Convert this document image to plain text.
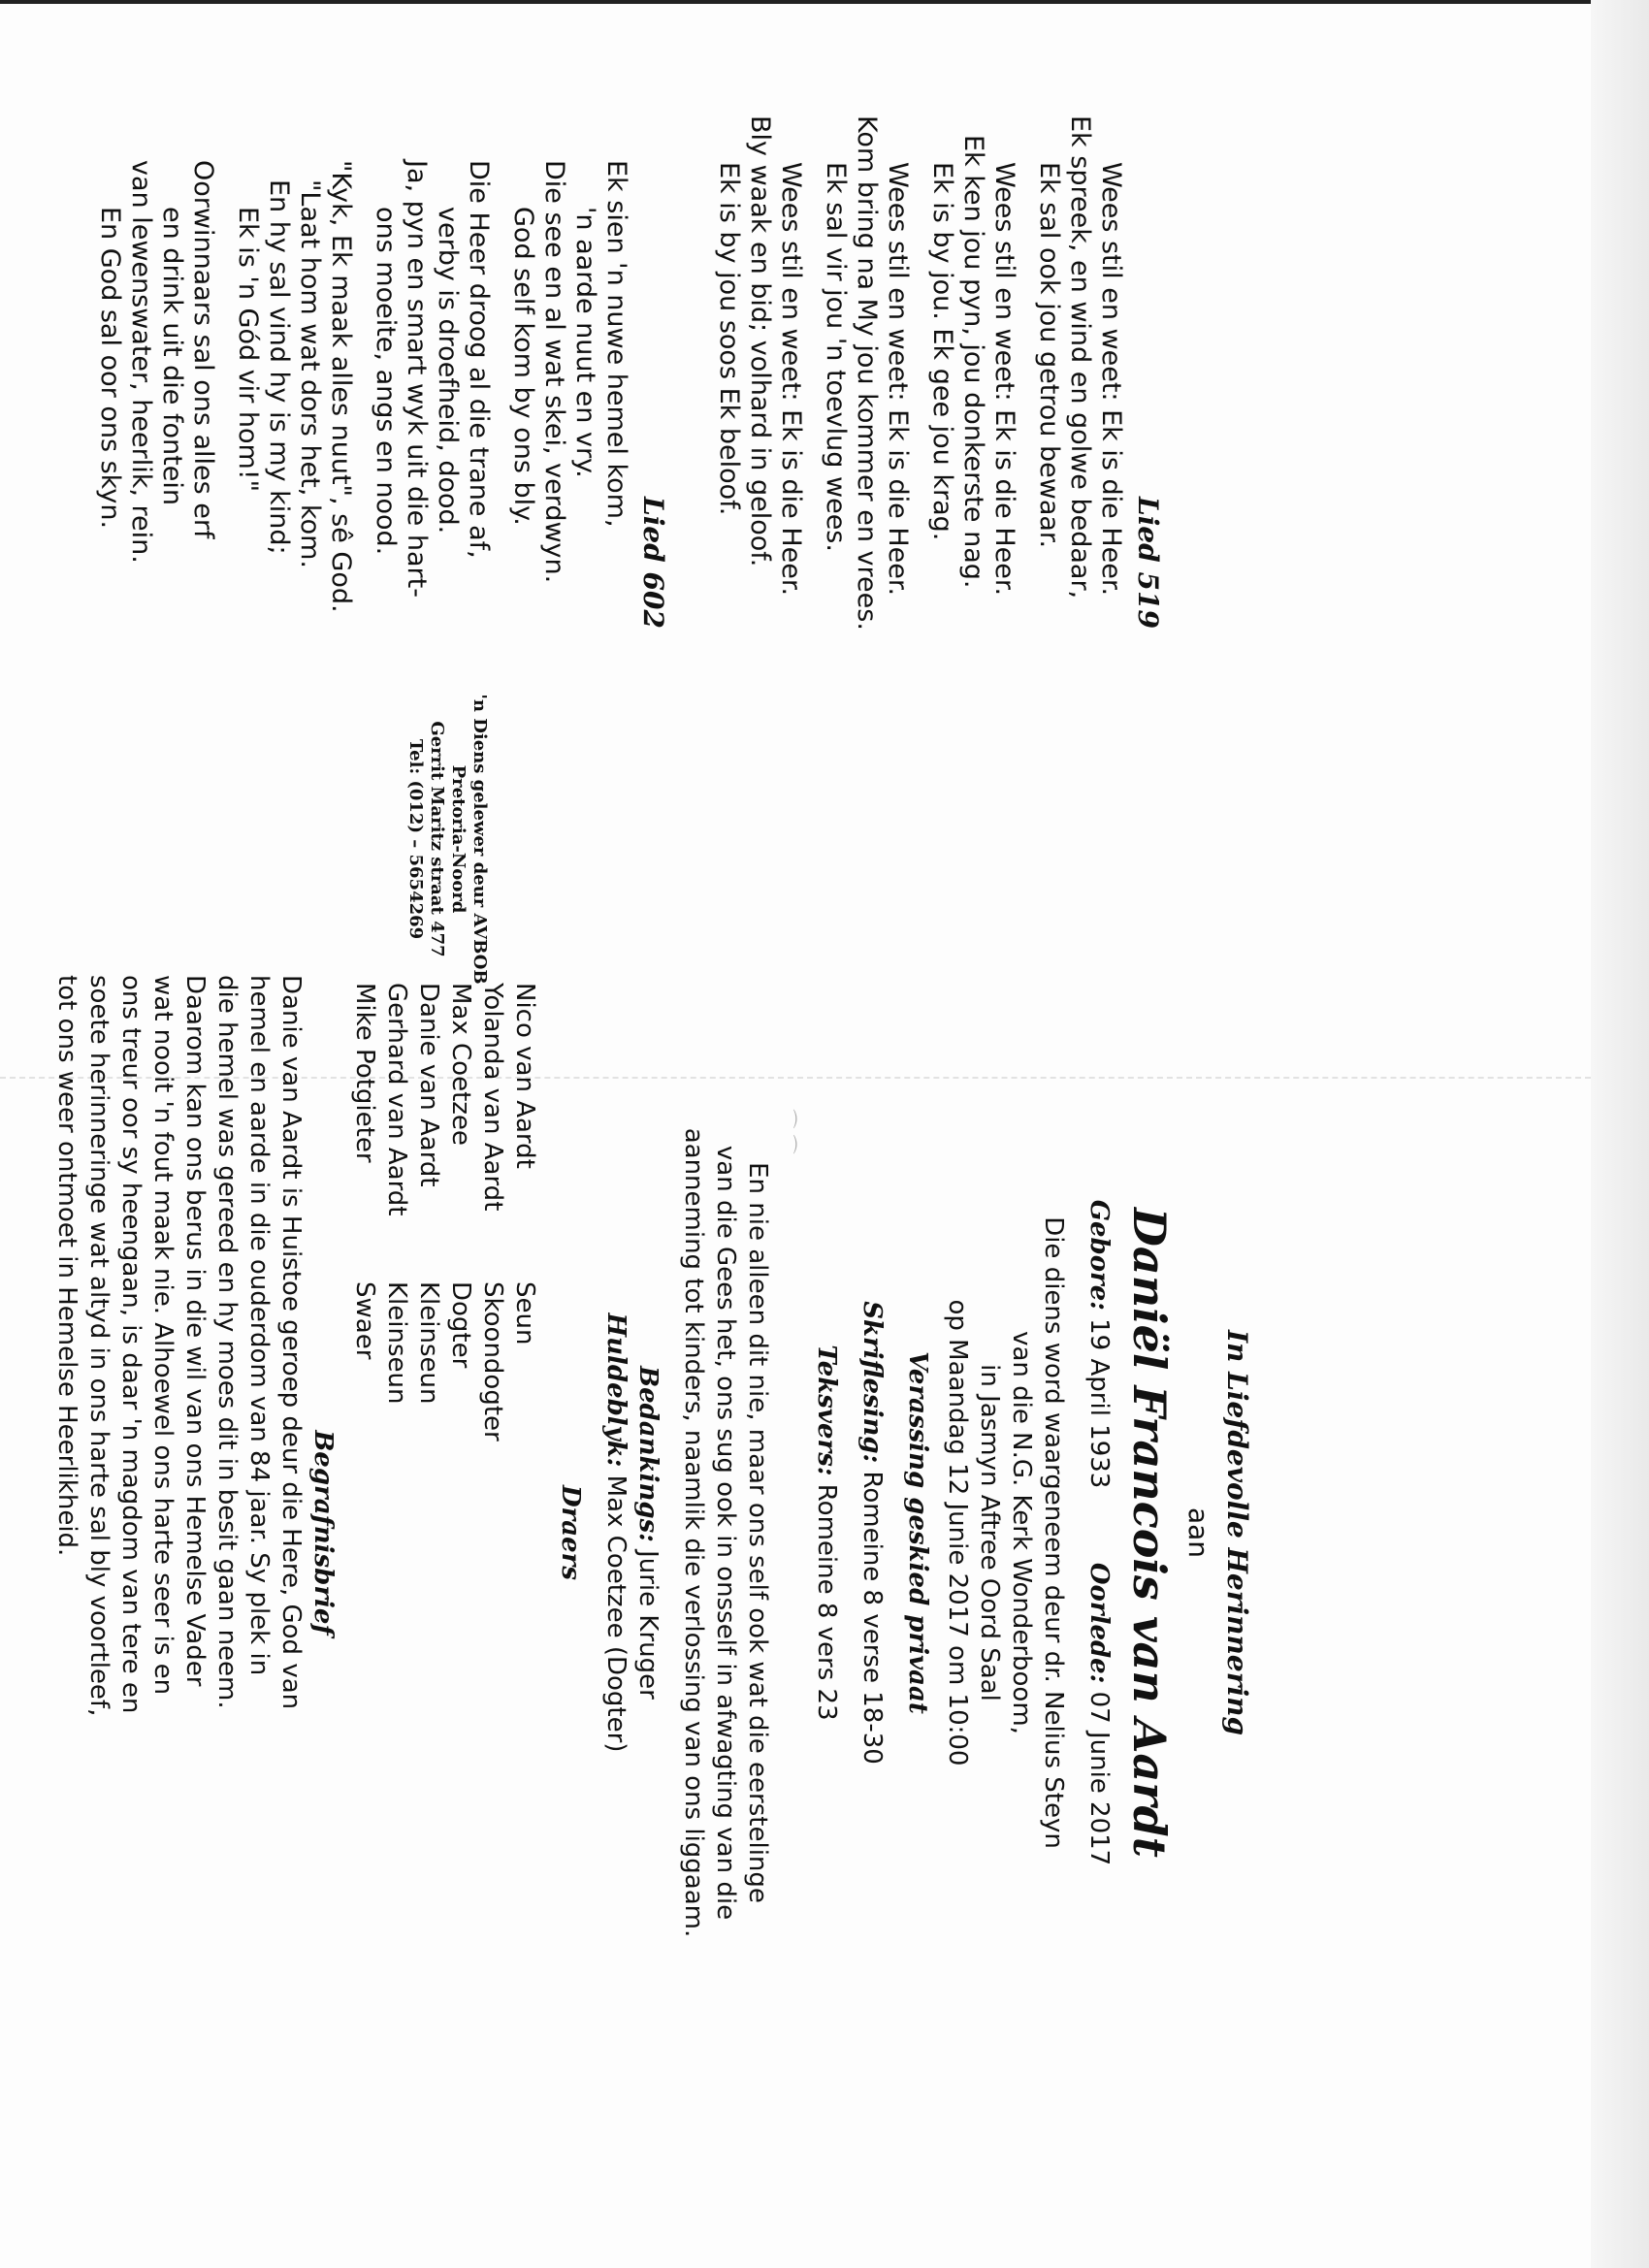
⌒ ⌒
Lied 519
Wees stil en weet: Ek is die Heer.
Ek spreek, en wind en golwe bedaar,
Ek sal ook jou getrou bewaar.
Wees stil en weet: Ek is die Heer.
Ek ken jou pyn, jou donkerste nag.
Ek is by jou. Ek gee jou krag.
Wees stil en weet: Ek is die Heer.
Kom bring na My jou kommer en vrees.
Ek sal vir jou 'n toevlug wees.
Wees stil en weet: Ek is die Heer.
Bly waak en bid; volhard in geloof.
Ek is by jou soos Ek beloof.
Lied 602
Ek sien 'n nuwe hemel kom,
'n aarde nuut en vry.
Die see en al wat skei, verdwyn.
God self kom by ons bly.
Die Heer droog al die trane af,
verby is droefheid, dood.
Ja, pyn en smart wyk uit die hart-
ons moeite, angs en nood.
"Kyk, Ek maak alles nuut", sê God.
"Laat hom wat dors het, kom.
En hy sal vind hy is my kind;
Ek is 'n Gód vir hom!"
Oorwinnaars sal ons alles erf
en drink uit die fontein
van lewenswater, heerlik, rein.
En God sal oor ons skyn.
'n Diens gelewer deur AVBOB Pretoria-Noord
Gerrit Maritz straat 477
Tel: (012) – 5654269
In Liefdevolle Herinnering
aan
Daniël Francois van Aardt
Gebore: 19 April 1933  Oorlede: 07 Junie 2017
Die diens word waargeneem deur dr. Nelius Steyn
van die N.G. Kerk Wonderboom,
in Jasmyn Aftree Oord Saal
op Maandag 12 Junie 2017 om 10:00
Verassing geskied privaat
Skriflesing: Romeine 8 verse 18-30
Teksvers: Romeine 8 vers 23
En nie alleen dit nie, maar ons self ook wat die eerstelinge
van die Gees het, ons sug ook in onsself in afwagting van die
aanneming tot kinders, naamlik die verlossing van ons liggaam.
Bedankings: Jurie Kruger
Huldeblyk: Max Coetzee (Dogter)
Draers
Nico van Aardt
Seun
Yolanda van Aardt
Skoondogter
Max Coetzee
Dogter
Danie van Aardt
Kleinseun
Gerhard van Aardt
Kleinseun
Mike Potgieter
Swaer
Begrafnisbrief
Danie van Aardt is Huistoe geroep deur die Here, God van
hemel en aarde in die ouderdom van 84 jaar. Sy plek in
die hemel was gereed en hy moes dit in besit gaan neem.
Daarom kan ons berus in die wil van ons Hemelse Vader
wat nooit 'n fout maak nie. Alhoewel ons harte seer is en
ons treur oor sy heengaan, is daar 'n magdom van tere en
soete herinneringe wat altyd in ons harte sal bly voortleef,
tot ons weer ontmoet in Hemelse Heerlikheid.
